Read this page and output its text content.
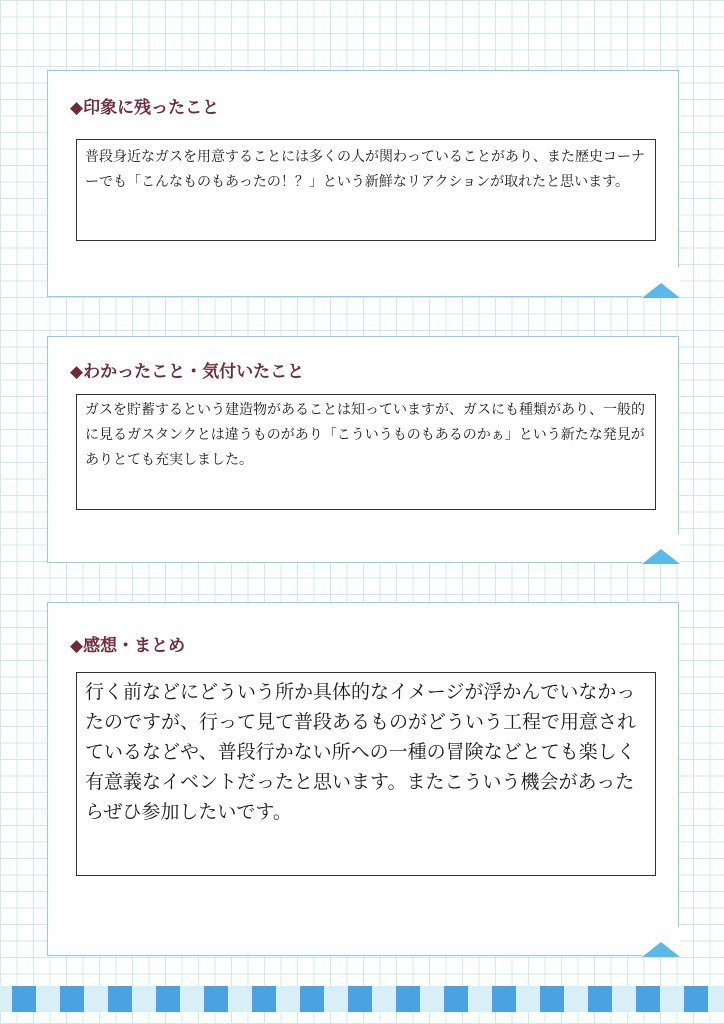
◆印象に残ったこと
普段身近なガスを用意することには多くの人が関わっていることがあり、また歴史コーナーでも「こんなものもあったの！？」という新鮮なリアクションが取れたと思います。
◆わかったこと・気付いたこと
ガスを貯蓄するという建造物があることは知っていますが、ガスにも種類があり、一般的に見るガスタンクとは違うものがあり「こういうものもあるのかぁ」という新たな発見がありとても充実しました。
◆感想・まとめ
行く前などにどういう所か具体的なイメージが浮かんでいなかったのですが、行って見て普段あるものがどういう工程で用意されているなどや、普段行かない所への一種の冒険などとても楽しく有意義なイベントだったと思います。またこういう機会があったらぜひ参加したいです。
